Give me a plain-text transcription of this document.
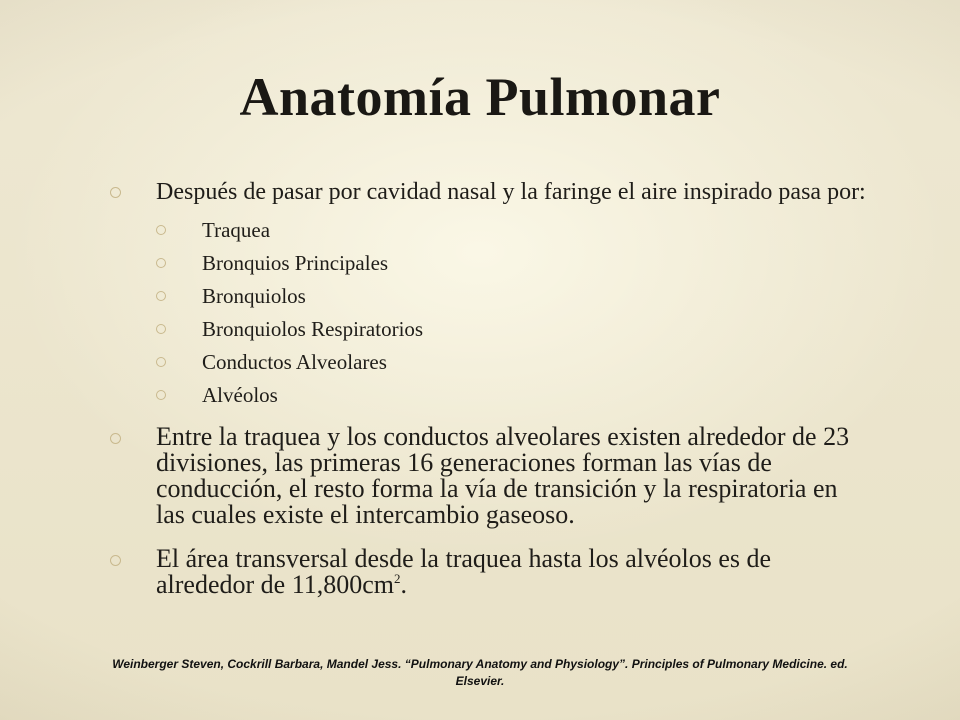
Anatomía Pulmonar
Después de pasar por cavidad nasal y la faringe el aire inspirado pasa por:
Traquea
Bronquios Principales
Bronquiolos
Bronquiolos Respiratorios
Conductos Alveolares
Alvéolos
Entre la traquea y los conductos alveolares existen alrededor de 23 divisiones, las primeras 16 generaciones forman las vías de conducción, el resto forma la vía de transición y la respiratoria en las cuales existe el intercambio gaseoso.
El área transversal desde la traquea hasta los alvéolos es de alrededor de $11,800cm^2$.
Weinberger Steven, Cockrill Barbara, Mandel Jess. “Pulmonary Anatomy and Physiology”. Principles of Pulmonary Medicine. ed. Elsevier.
